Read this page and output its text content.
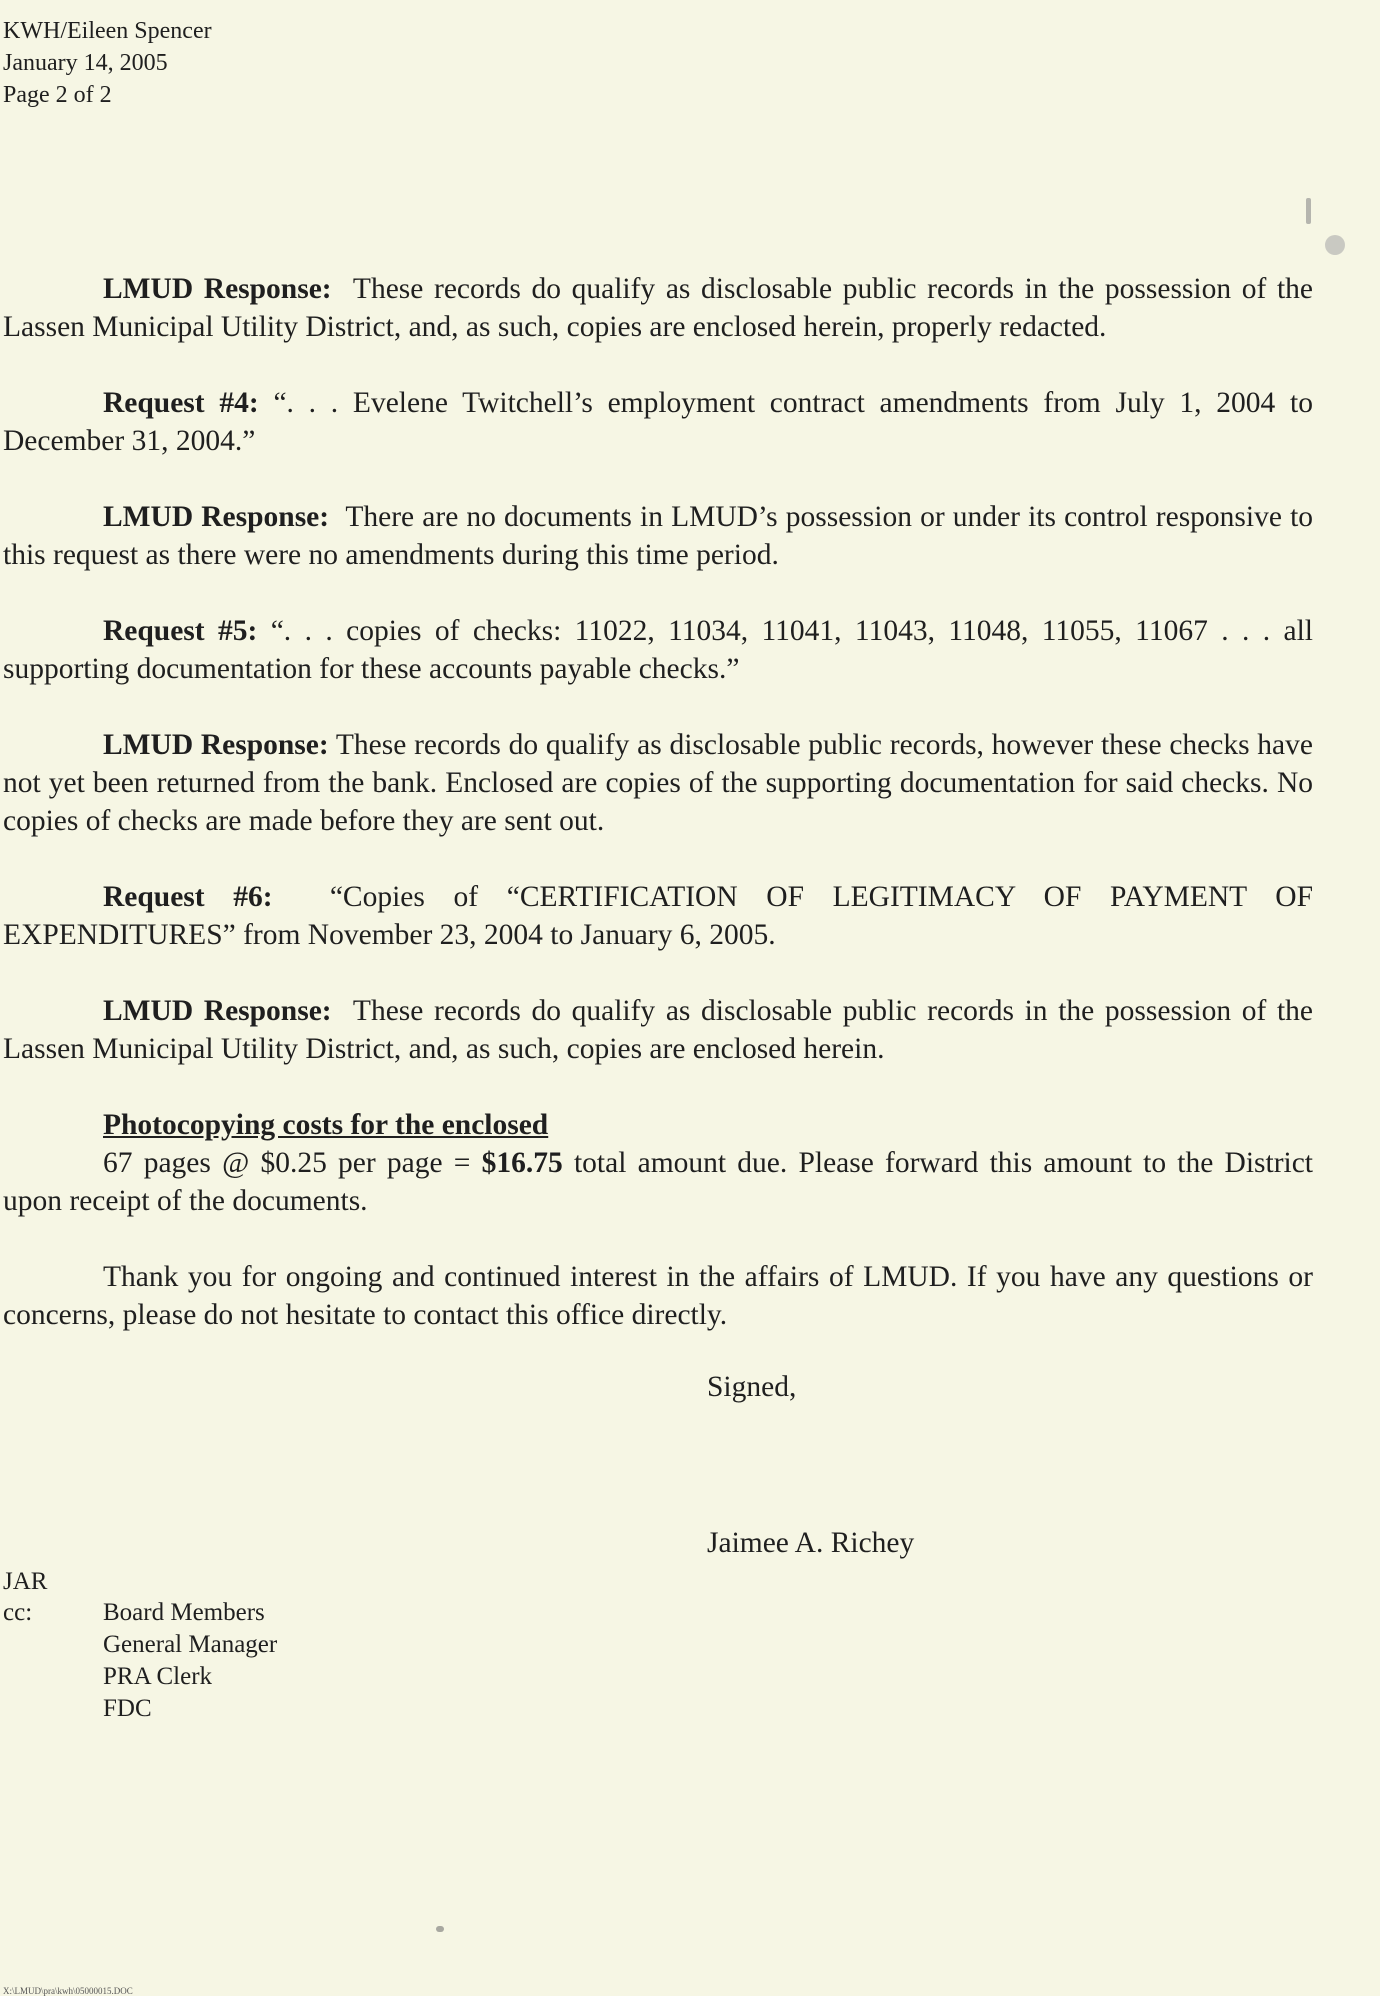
KWH/Eileen Spencer
January 14, 2005
Page 2 of 2

LMUD Response: These records do qualify as disclosable public records in the possession of the Lassen Municipal Utility District, and, as such, copies are enclosed herein, properly redacted.

Request #4: “. . . Evelene Twitchell’s employment contract amendments from July 1, 2004 to December 31, 2004.”

LMUD Response: There are no documents in LMUD’s possession or under its control responsive to this request as there were no amendments during this time period.

Request #5: “. . . copies of checks: 11022, 11034, 11041, 11043, 11048, 11055, 11067 . . . all supporting documentation for these accounts payable checks.”

LMUD Response: These records do qualify as disclosable public records, however these checks have not yet been returned from the bank. Enclosed are copies of the supporting documentation for said checks. No copies of checks are made before they are sent out.

Request #6: “Copies of “CERTIFICATION OF LEGITIMACY OF PAYMENT OF EXPENDITURES” from November 23, 2004 to January 6, 2005.

LMUD Response: These records do qualify as disclosable public records in the possession of the Lassen Municipal Utility District, and, as such, copies are enclosed herein.

Photocopying costs for the enclosed
67 pages @ $0.25 per page = $16.75 total amount due. Please forward this amount to the District upon receipt of the documents.

Thank you for ongoing and continued interest in the affairs of LMUD. If you have any questions or concerns, please do not hesitate to contact this office directly.

Signed,
Jaimee A. Richey
JAR
cc:	Board Members
General Manager
PRA Clerk
FDC
X:\LMUD\pra\kwh\05000015.DOC
